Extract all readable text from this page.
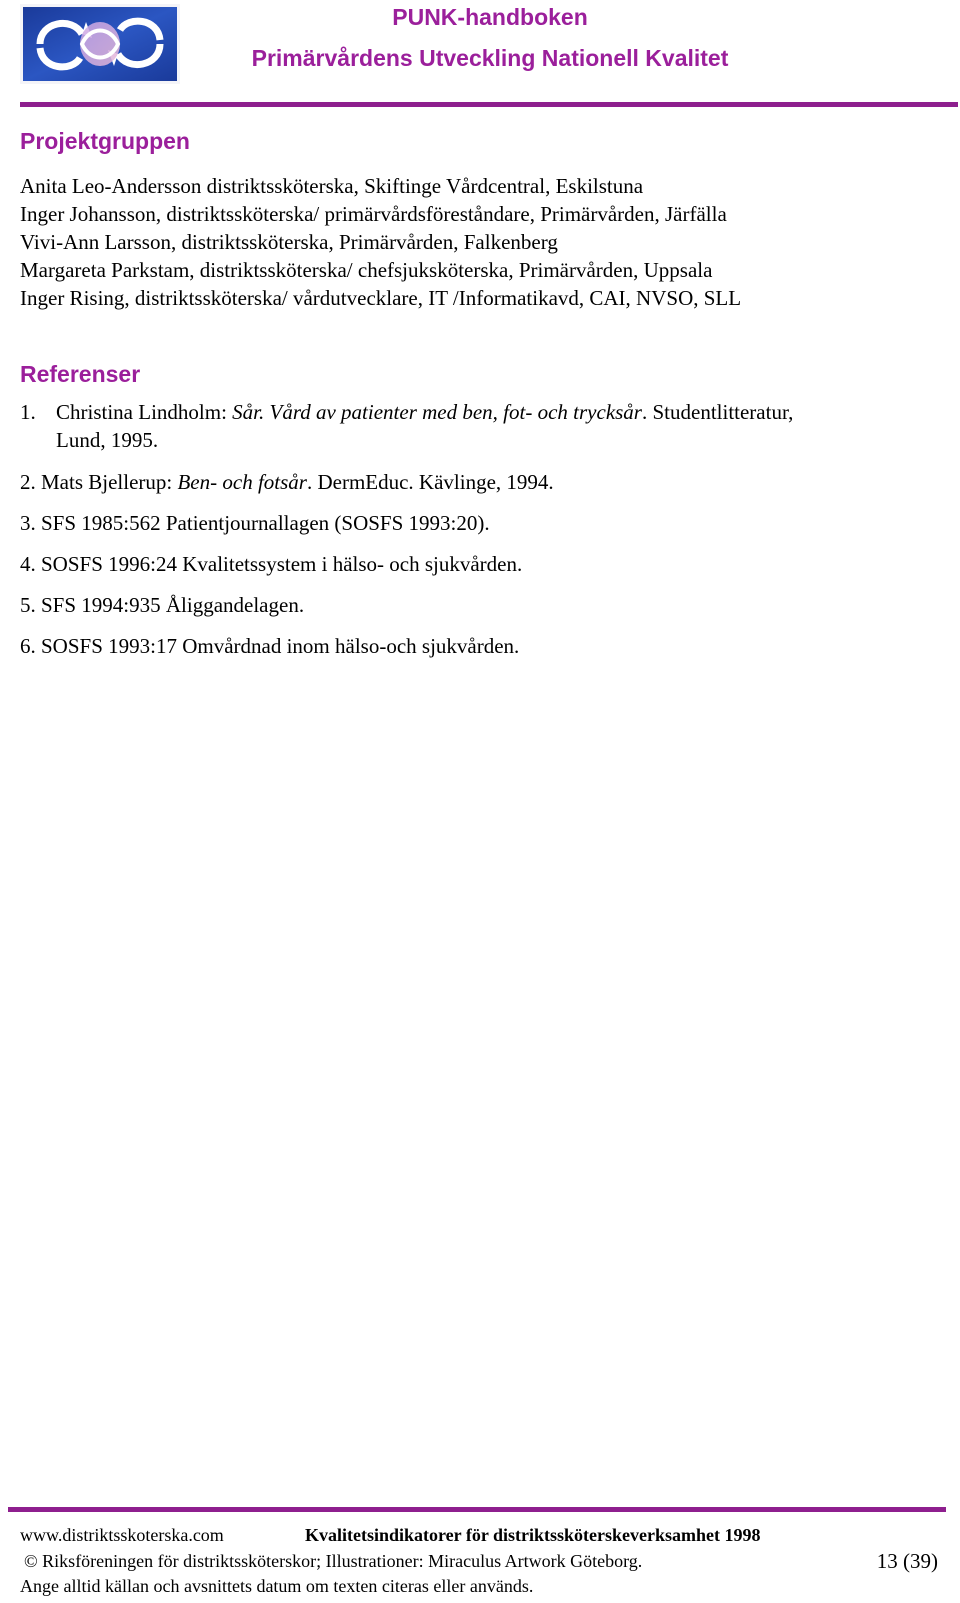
PUNK-handboken
Primärvårdens Utveckling Nationell Kvalitet
Projektgruppen
Anita Leo-Andersson distriktssköterska, Skiftinge Vårdcentral, Eskilstuna
Inger Johansson, distriktssköterska/ primärvårdsföreståndare, Primärvården, Järfälla
Vivi-Ann Larsson, distriktssköterska, Primärvården, Falkenberg
Margareta Parkstam, distriktssköterska/ chefsjuksköterska, Primärvården, Uppsala
Inger Rising, distriktssköterska/ vårdutvecklare, IT /Informatikavd, CAI, NVSO, SLL
Referenser
1. Christina Lindholm: Sår. Vård av patienter med ben, fot- och trycksår. Studentlitteratur,
Lund, 1995.
2. Mats Bjellerup: Ben- och fotsår. DermEduc. Kävlinge, 1994.
3. SFS 1985:562 Patientjournallagen (SOSFS 1993:20).
4. SOSFS 1996:24 Kvalitetssystem i hälso- och sjukvården.
5. SFS 1994:935 Åliggandelagen.
6. SOSFS 1993:17 Omvårdnad inom hälso-och sjukvården.
www.distriktsskoterska.com	Kvalitetsindikatorer för distriktssköterskeverksamhet 1998
© Riksföreningen för distriktssköterskor; Illustrationer: Miraculus Artwork Göteborg.	13 (39)
Ange alltid källan och avsnittets datum om texten citeras eller används.
